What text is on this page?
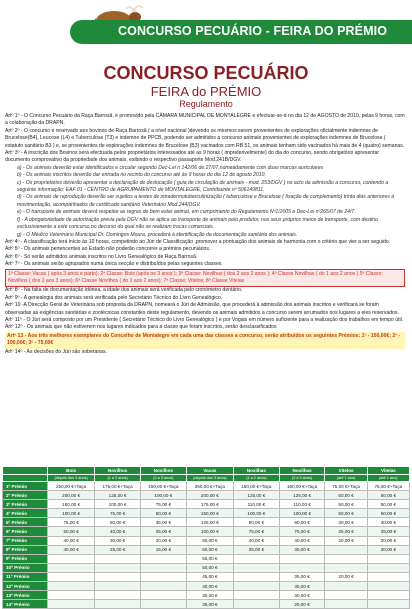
CONCURSO PECUÁRIO - FEIRA DO PRÉMIO
CONCURSO PECUÁRIO
FEIRA do PRÉMIO
Regulamento

Artº 1º - O Concurso Pecuário da Raça Barrosã, é promovido pela CÂMARA MUNICIPAL DE MONTALEGRE e efectuar-se-á no dia 12 de AGOSTO de 2010, pelas 9 horas, com a colaboração da DRAPN.

Artº 2º - O concurso é reservado aos bovinos de Raça Barrosã ( a nível nacional )devendo os mesmos serem provenientes de explorações oficialmente indemnes de Brucelose(B4), Leucose (L4) e Tuberculose (T3) e indemne de PPCB, podendo ser admitidos a concurso animais provenientes de explorações indemnes de Brucelose ( estatuto sanitário B3 ) e, se provenientes de explorações indemnes de Brucelose (B3) vacinados com RB 51, os animais tenham sido vacinados há mais de 4 (quatro) semanas.

Artº 3º - A inscrição dos Bovinos será efectuada pelos proprietários interessados até as 9 horas ( impreterivelmente) do dia do concurso, sendo obrigatório apresentar documento comprovativo da propriedade dos animais, exibindo o respectivo passaporte Mod.241B/DGV.

a) - Os animais deverão estar identificados e circular segundo Dec-Lei n 142/06 de 27/07,nomeadamente com duas marcas auriculares

b) - Os animais inscritos deverão dar entrada no recinto do concurso até às 9 horas do dia 12 de agosto 2010.

c) - Os proprietários deverão apresentar a declaração de deslocação ( guia de circulação de animais - mod. 253/DGV ) no acto da admissão a concurso, contendo a seguinte informação: EAF 01 - CENTRO de AGRUPAMENTO de MONTALEGRE, Contribuinte nº 506149811.

d) - Os animais de reprodução deverão ser sujeitos a testes de intradermotuberculinização ( tuberculose e Brucelose ( fixação de complemento) trinta dias anteriores à movimentação, acompanhados de certificado sanitário Veterinário Mod.244/DGV.

e) - O transporte de animais deverá respeitar as regras de bem estar animal, em cumprimento do Regulamento Nº1/2005 e Dec-Lei nº265/07 de 24/7.

f) - A obrigatoriedade de autorização prévia pela DGV não se aplica ao transporte de animais pelo produtor, nos seus próprios meios de transporte, com destino exclusivamente a este concurso,no decurso do qual não se realizam trocas comerciais.

g) - O Médico Veterinário Municipal Dr. Domingos Moura, procederá à identificação da documentação sanitária dos animais.

Artº 4º - A classificação terá início às 10 horas, competindo ao Júri de Classificação ,promover a pontuação dos animais de harmonia com o critério que vier a ser seguido.

Artº 5º - Os animais pertencentes ao Estado não poderão concorrer a prémios pecuniários.

Artº 6º - Só serão admitidos animais inscritos no Livro Genealógico de Raça Barrosã.

Artº 7º - Os animais serão agrupados numa única secção e distribuídos pelas seguintes classes.

1ª Classe: Vacas ( após 3 anos e parto); 2ª Classe: Bois (após os 3 anos ); 3ª Classe: Novilhas ( dos 2 aos 3 anos ); 4ª Classe Novilhas ( do 1 aos 2 anos ) 5ª Classe: Novilhos ( dos 2 aos 3 anos); 6ª Classe Novilhos ( do 1 aos 2 anos); 7ª Classe: Vitelos; 8ª Classe Vitelas

Artº 8º - Na falta de documentação idónea, a idade dos animais será verificada pelo cronómetro dentário.

Artº 9º - A genealogia dos animais será verificada pelo Secretário Técnico do Livro Genealógico.

Artº 10 -A Direcção Geral de Veterinária sob proposta da DRAPN, nomeará o Júri de Admissão, que procederá à admissão dos animais inscritos e verificará se foram observadas as exigências sanitárias e zootécnicas constantes deste regulamento, devendo os animais admitidos a concurso serem arrumados nos lugares a eles reservados.

Artº 11º - O Júri será composto por um Presidente ( Secretário Técnico do Livro Genealógico ) e por Vogais em número suficiente para a realização dos trabalhos em tempo útil.

Artº 12º - Os animais que não estiverem nos lugares indicados para a classe que foram inscritos, serão desclassificados

Artº 13 - Aos três melhores exemplares do Concelho de Montalegre em cada uma das classes a concurso, serão atribuídos os seguintes Prémios: 1º - 150,00€; 2º - 100,00€; 3º - 75,00€

Artº 14º - As decisões do Júri são soberanas.

	Bois	Novilhos	Novilhos	Vacas	Novilhas	Novilhas	Vitelos	Vitelas
	(depois dos 3 anos)	(1 a 2 anos)	(2 a 3 anos)	(depois dos 3 anos)	(1 a 2 anos)	(2 a 3 anos)	(até 1 ano)	(até 1 ano)
1º Prémio	250,00 €+Taça	175,00 €+Taça	150,00 €+Taça	250,00 €+Taça	150,00 €+Taça	160,00 €+Taça	75,00 €+Taça	75,00 €+Taça
2º Prémio	200,00 €	125,00 €	100,00 €	200,00 €	125,00 €	125,00 €	60,00 €	60,00 €
3º Prémio	150,00 €	100,00 €	75,00 €	175,00 €	110,00 €	110,00 €	50,00 €	50,00 €
4º Prémio	100,00 €	75,00 €	50,00 €	150,00 €	100,00 €	100,00 €	50,00 €	50,00 €
5º Prémio	75,00 €	50,00 €	35,00 €	125,00 €	90,00 €	90,00 €	30,00 €	30,00 €
6º Prémio	50,00 €	40,00 €	25,00 €	100,00 €	75,00 €	75,00 €	25,00 €	25,00 €
7º Prémio	40,00 €	30,00 €	20,00 €	65,00 €	40,00 €	40,00 €	20,00 €	20,00 €
8º Prémio	40,00 €	25,00 €	15,00 €	60,00 €	35,00 €	35,00 €		20,00 €
9º Prémio				55,00 €				
10º Prémio				50,00 €				
11º Prémio				45,00 €		35,00 €	20,00 €	
12º Prémio				40,00 €		35,00 €		
13º Prémio				30,00 €		30,00 €		
14º Prémio				25,00 €		25,00 €		
